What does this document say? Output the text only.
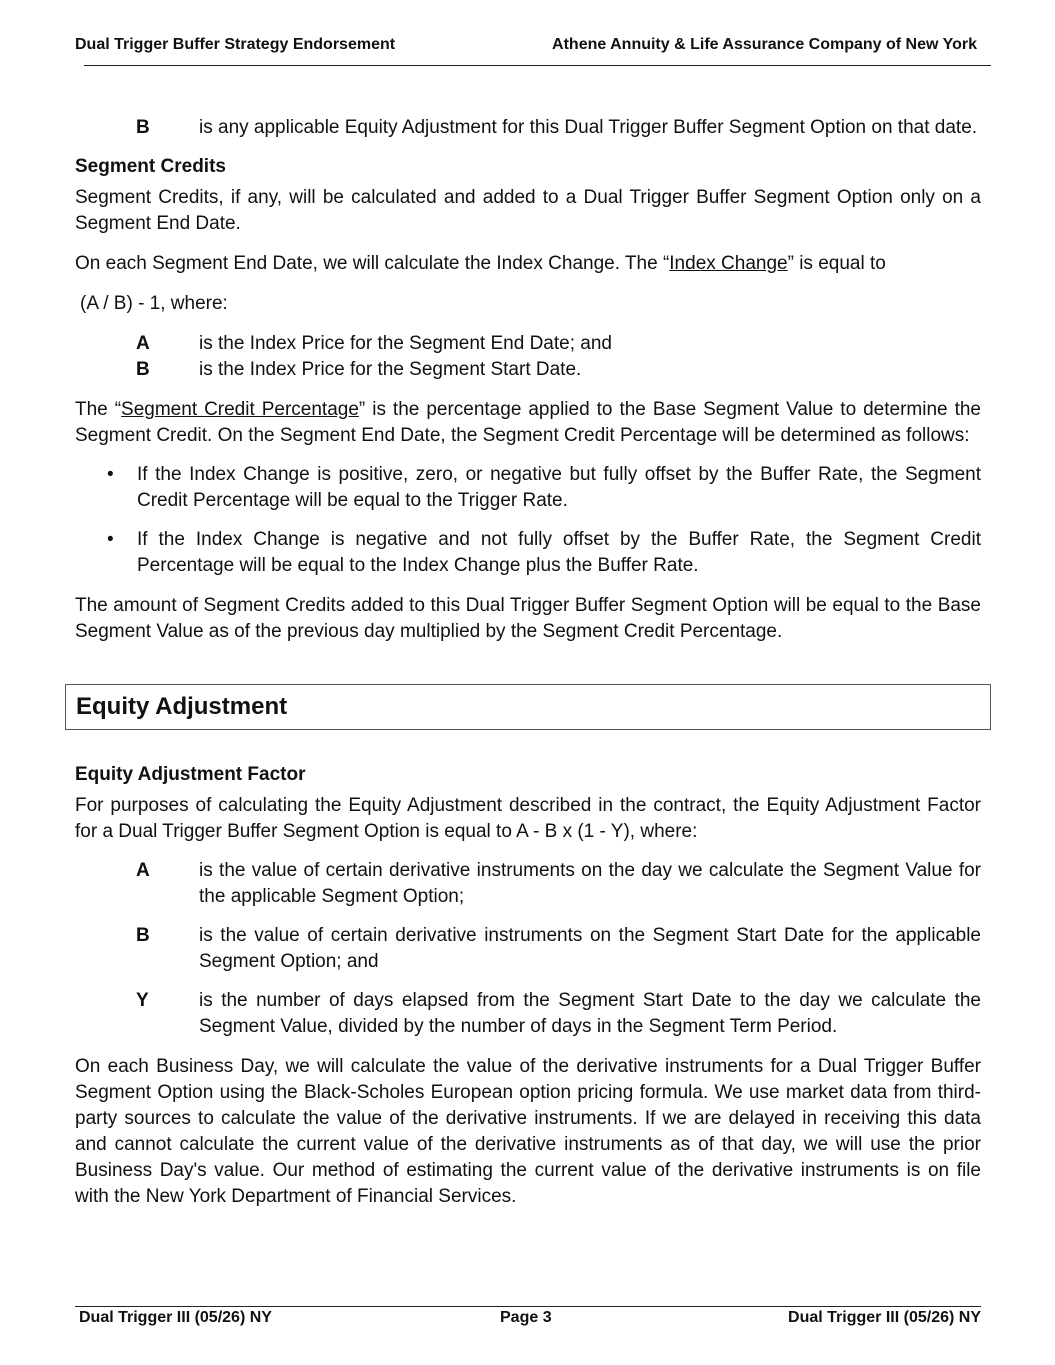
Dual Trigger Buffer Strategy Endorsement	Athene Annuity & Life Assurance Company of New York
B	is any applicable Equity Adjustment for this Dual Trigger Buffer Segment Option on that date.

Segment Credits

Segment Credits, if any, will be calculated and added to a Dual Trigger Buffer Segment Option only on a Segment End Date.

On each Segment End Date, we will calculate the Index Change. The “Index Change” is equal to

(A / B) - 1, where:

A	is the Index Price for the Segment End Date; and
B	is the Index Price for the Segment Start Date.

The “Segment Credit Percentage” is the percentage applied to the Base Segment Value to determine the Segment Credit. On the Segment End Date, the Segment Credit Percentage will be determined as follows:

• If the Index Change is positive, zero, or negative but fully offset by the Buffer Rate, the Segment Credit Percentage will be equal to the Trigger Rate.
• If the Index Change is negative and not fully offset by the Buffer Rate, the Segment Credit Percentage will be equal to the Index Change plus the Buffer Rate.

The amount of Segment Credits added to this Dual Trigger Buffer Segment Option will be equal to the Base Segment Value as of the previous day multiplied by the Segment Credit Percentage.

Equity Adjustment

Equity Adjustment Factor

For purposes of calculating the Equity Adjustment described in the contract, the Equity Adjustment Factor for a Dual Trigger Buffer Segment Option is equal to A - B x (1 - Y), where:

A	is the value of certain derivative instruments on the day we calculate the Segment Value for the applicable Segment Option;
B	is the value of certain derivative instruments on the Segment Start Date for the applicable Segment Option; and
Y	is the number of days elapsed from the Segment Start Date to the day we calculate the Segment Value, divided by the number of days in the Segment Term Period.

On each Business Day, we will calculate the value of the derivative instruments for a Dual Trigger Buffer Segment Option using the Black-Scholes European option pricing formula. We use market data from third-party sources to calculate the value of the derivative instruments. If we are delayed in receiving this data and cannot calculate the current value of the derivative instruments as of that day, we will use the prior Business Day's value. Our method of estimating the current value of the derivative instruments is on file with the New York Department of Financial Services.

Dual Trigger III (05/26) NY	Page 3	Dual Trigger III (05/26) NY
